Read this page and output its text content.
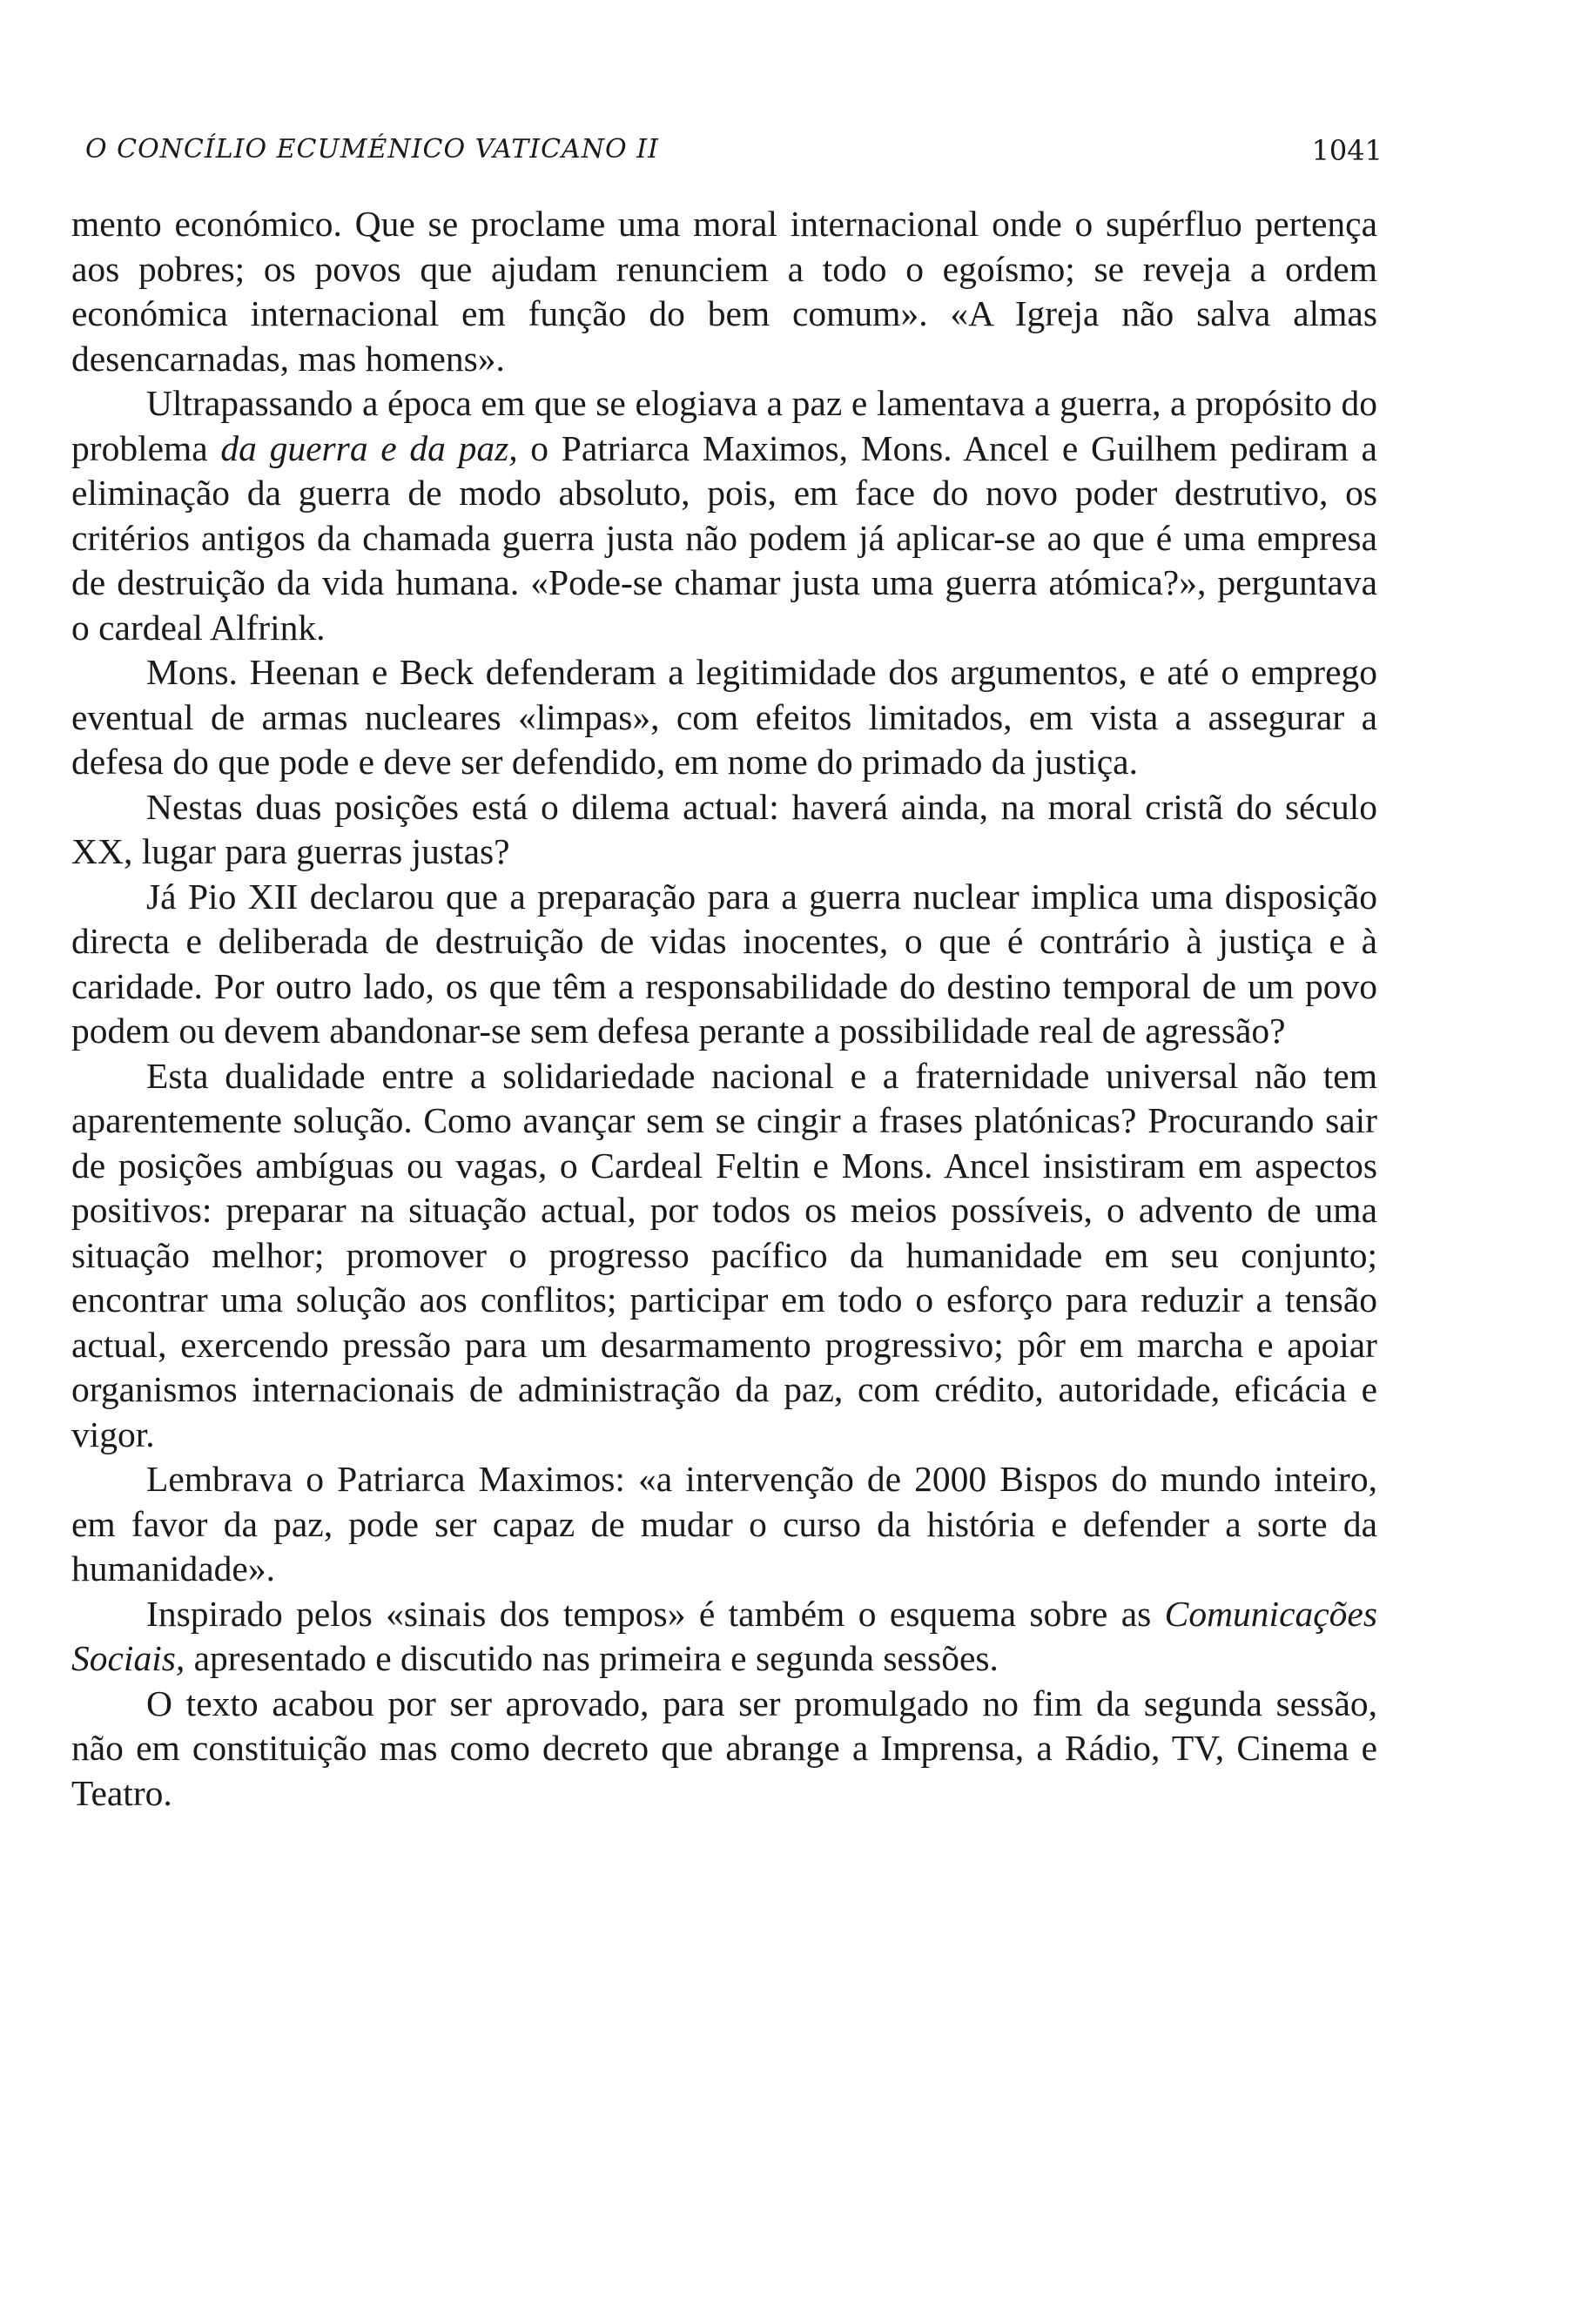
O CONCÍLIO ECUMÉNICO VATICANO II	1041

mento económico. Que se proclame uma moral internacional onde o supérfluo pertença aos pobres; os povos que ajudam renunciem a todo o egoísmo; se reveja a ordem económica internacional em função do bem comum». «A Igreja não salva almas desencarnadas, mas homens».

Ultrapassando a época em que se elogiava a paz e lamentava a guerra, a propósito do problema da guerra e da paz, o Patriarca Maximos, Mons. Ancel e Guilhem pediram a eliminação da guerra de modo absoluto, pois, em face do novo poder destrutivo, os critérios antigos da chamada guerra justa não podem já aplicar-se ao que é uma empresa de destruição da vida humana. «Pode-se chamar justa uma guerra atómica?», perguntava o cardeal Alfrink.

Mons. Heenan e Beck defenderam a legitimidade dos argumentos, e até o emprego eventual de armas nucleares «limpas», com efeitos limitados, em vista a assegurar a defesa do que pode e deve ser defendido, em nome do primado da justiça.

Nestas duas posições está o dilema actual: haverá ainda, na moral cristã do século XX, lugar para guerras justas?

Já Pio XII declarou que a preparação para a guerra nuclear implica uma disposição directa e deliberada de destruição de vidas inocentes, o que é contrário à justiça e à caridade. Por outro lado, os que têm a responsabilidade do destino temporal de um povo podem ou devem abandonar-se sem defesa perante a possibilidade real de agressão?

Esta dualidade entre a solidariedade nacional e a fraternidade universal não tem aparentemente solução. Como avançar sem se cingir a frases platónicas? Procurando sair de posições ambíguas ou vagas, o Cardeal Feltin e Mons. Ancel insistiram em aspectos positivos: preparar na situação actual, por todos os meios possíveis, o advento de uma situação melhor; promover o progresso pacífico da humanidade em seu conjunto; encontrar uma solução aos conflitos; participar em todo o esforço para reduzir a tensão actual, exercendo pressão para um desarmamento progressivo; pôr em marcha e apoiar organismos internacionais de administração da paz, com crédito, autoridade, eficácia e vigor.

Lembrava o Patriarca Maximos: «a intervenção de 2000 Bispos do mundo inteiro, em favor da paz, pode ser capaz de mudar o curso da história e defender a sorte da humanidade».

Inspirado pelos «sinais dos tempos» é também o esquema sobre as Comunicações Sociais, apresentado e discutido nas primeira e segunda sessões.

O texto acabou por ser aprovado, para ser promulgado no fim da segunda sessão, não em constituição mas como decreto que abrange a Imprensa, a Rádio, TV, Cinema e Teatro.
